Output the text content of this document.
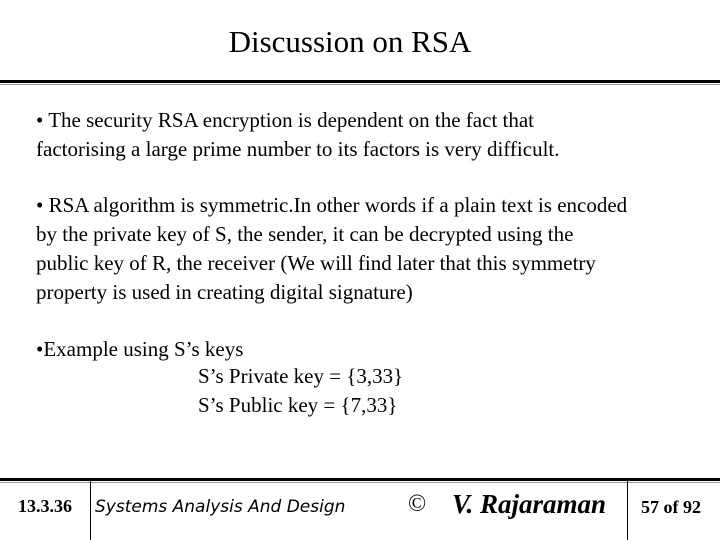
Discussion on RSA
• The security RSA encryption is dependent on the fact that
factorising a large prime number to its factors is very difficult.
• RSA algorithm is symmetric.In other words if a plain text is encoded
by the private key of S, the sender, it can be decrypted using the
public key of R, the receiver (We will find later that this symmetry
property is used in creating digital signature)
•Example using S’s keys
S’s Private key = {3,33}
S’s Public key = {7,33}
13.3.36 Systems Analysis And Design	© V. Rajaraman 57 of 92
